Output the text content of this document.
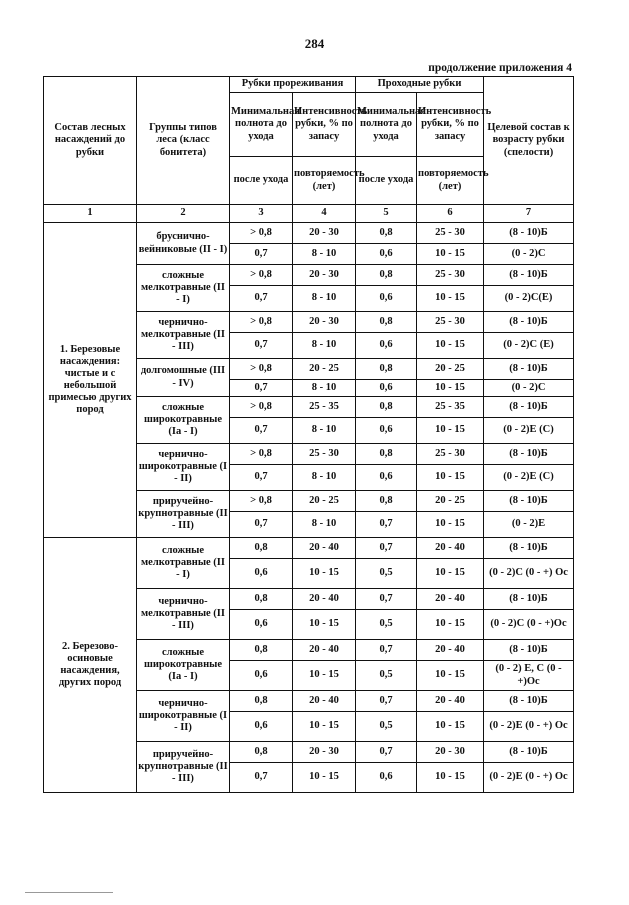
284
продолжение приложения 4
Состав лесных насаждений до рубки	Группы типов леса (класс бонитета)	Рубки прореживания		Проходные рубки		Целевой состав к возрасту рубки (спелости)
		Минимальная полнота до ухода	Интенсивность рубки, % по запасу	Минимальная полнота до ухода	Интенсивность рубки, % по запасу	
		после ухода	повторяемость (лет)	после ухода	повторяемость (лет)	
1	2	3	4	5	6	7
1. Березовые насаждения: чистые и с небольшой примесью других пород	бруснично-вейниковые (II - I)	> 0,8	20 - 30	0,8	25 - 30	(8 - 10)Б
		0,7	8 - 10	0,6	10 - 15	(0 - 2)С
	сложные мелкотравные (II - I)	> 0,8	20 - 30	0,8	25 - 30	(8 - 10)Б
		0,7	8 - 10	0,6	10 - 15	(0 - 2)С(Е)
	чернично-мелкотравные (II - III)	> 0,8	20 - 30	0,8	25 - 30	(8 - 10)Б
		0,7	8 - 10	0,6	10 - 15	(0 - 2)С (Е)
	долгомошные (III - IV)	> 0,8	20 - 25	0,8	20 - 25	(8 - 10)Б
		0,7	8 - 10	0,6	10 - 15	(0 - 2)С
	сложные широкотравные (Ia - I)	> 0,8	25 - 35	0,8	25 - 35	(8 - 10)Б
		0,7	8 - 10	0,6	10 - 15	(0 - 2)Е (С)
	чернично-широкотравные (I - II)	> 0,8	25 - 30	0,8	25 - 30	(8 - 10)Б
		0,7	8 - 10	0,6	10 - 15	(0 - 2)Е (С)
	приручейно-крупнотравные (II - III)	> 0,8	20 - 25	0,8	20 - 25	(8 - 10)Б
		0,7	8 - 10	0,7	10 - 15	(0 - 2)Е
2. Березово-осиновые насаждения, других пород	сложные мелкотравные (II - I)	0,8	20 - 40	0,7	20 - 40	(8 - 10)Б
		0,6	10 - 15	0,5	10 - 15	(0 - 2)С (0 - +) Ос
	чернично-мелкотравные (II - III)	0,8	20 - 40	0,7	20 - 40	(8 - 10)Б
		0,6	10 - 15	0,5	10 - 15	(0 - 2)С (0 - +)Ос
	сложные широкотравные (Ia - I)	0,8	20 - 40	0,7	20 - 40	(8 - 10)Б
		0,6	10 - 15	0,5	10 - 15	(0 - 2) Е, С (0 - +)Ос
	чернично-широкотравные (I - II)	0,8	20 - 40	0,7	20 - 40	(8 - 10)Б
		0,6	10 - 15	0,5	10 - 15	(0 - 2)Е (0 - +) Ос
	приручейно-крупнотравные (II - III)	0,8	20 - 30	0,7	20 - 30	(8 - 10)Б
		0,7	10 - 15	0,6	10 - 15	(0 - 2)Е (0 - +) Ос
